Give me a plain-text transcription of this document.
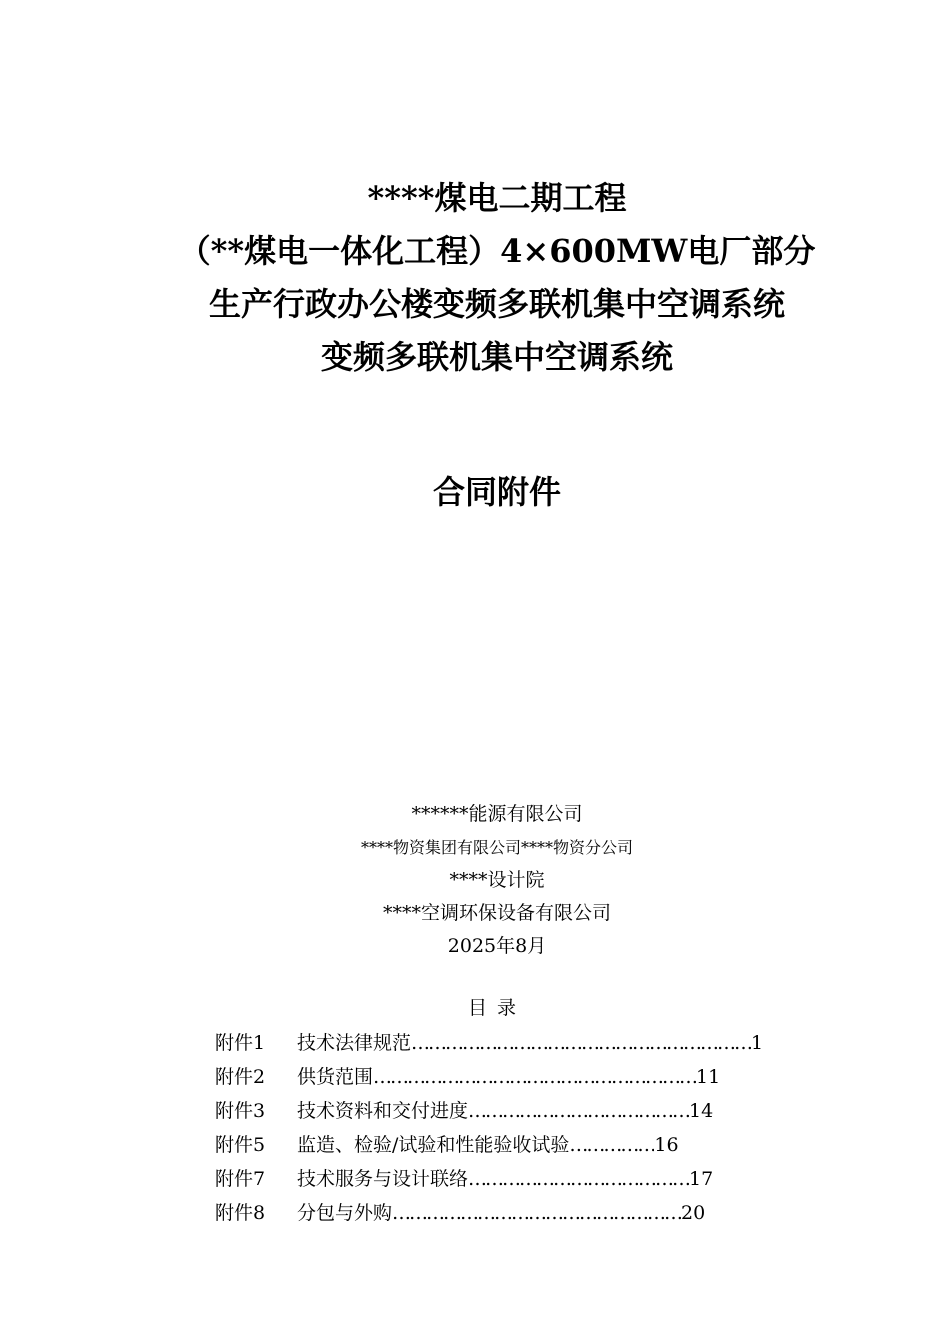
****煤电二期工程
（**煤电一体化工程）4×600MW电厂部分
生产行政办公楼变频多联机集中空调系统
变频多联机集中空调系统
合同附件
******能源有限公司
****物资集团有限公司****物资分公司
****设计院
****空调环保设备有限公司
2025年8月
目录
附件1	技术法律规范 …………………………………………………… 1
附件2	供货范围 ………………………………………………… 11
附件3	技术资料和交付进度 ………………………………… 14
附件5	监造、检验/试验和性能验收试验 …………… 16
附件7	技术服务与设计联络 ………………………………… 17
附件8	分包与外购 …………………………………………… 20
